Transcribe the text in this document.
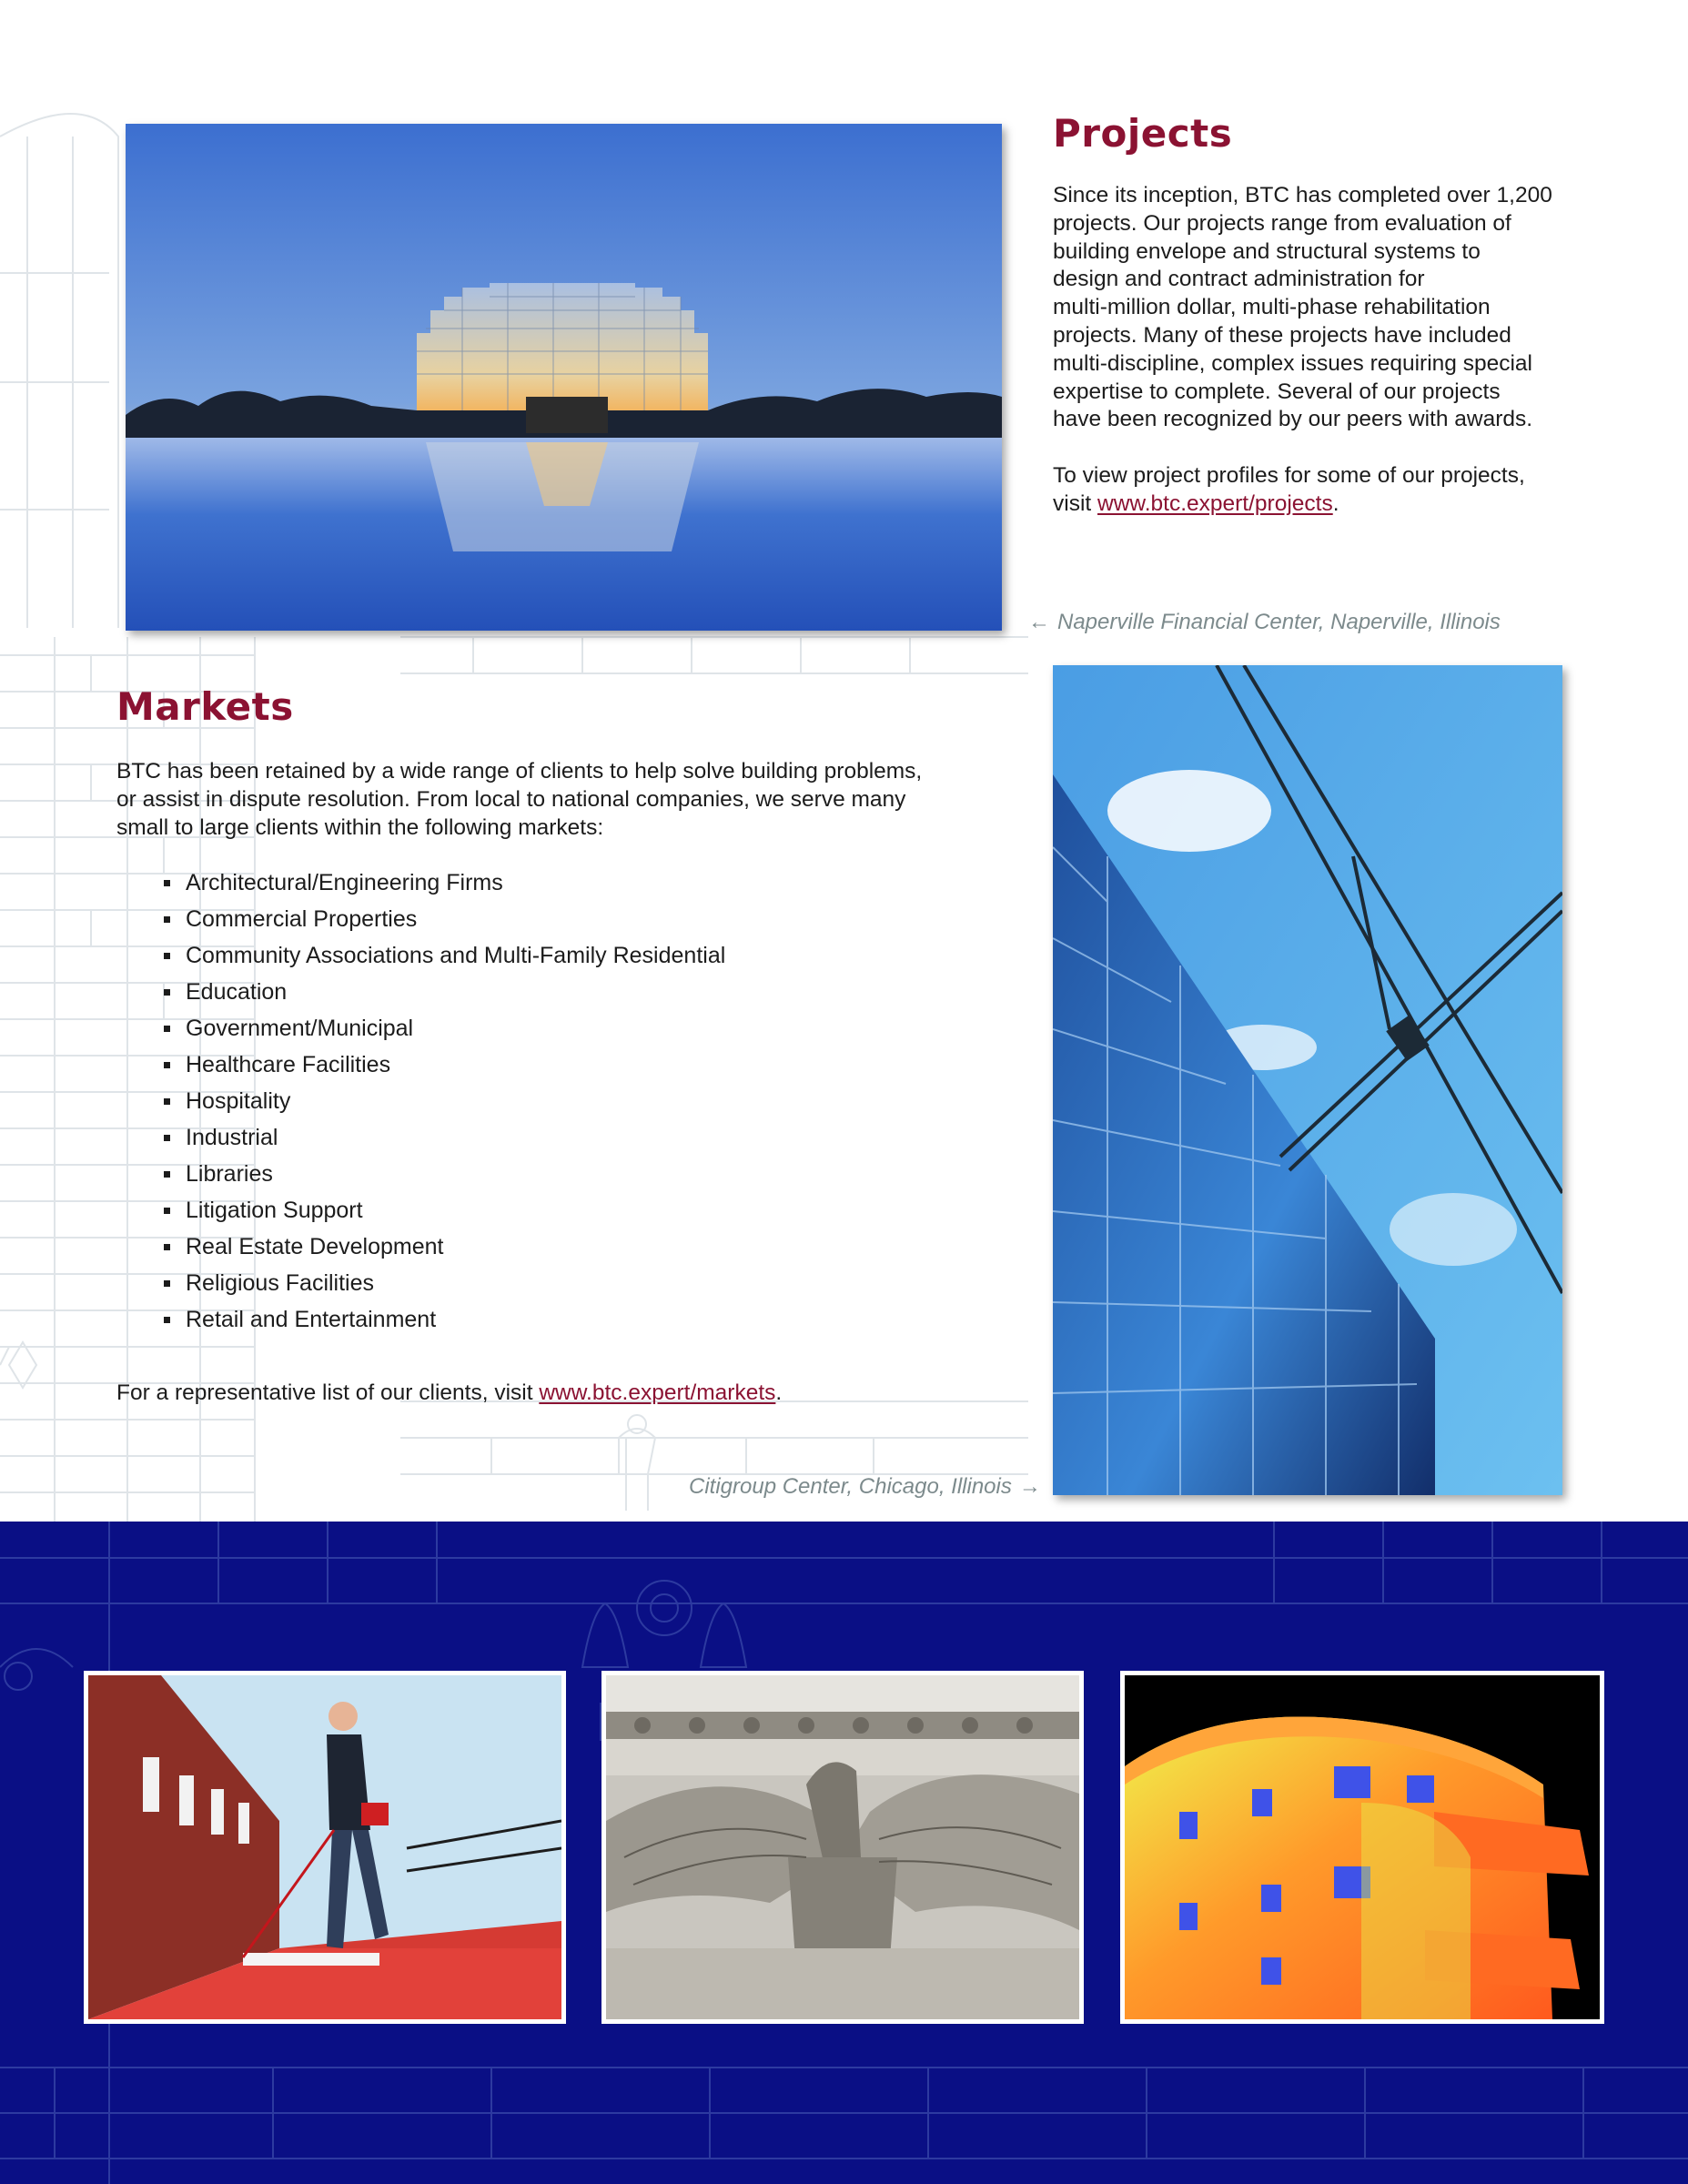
Projects
Since its inception, BTC has completed over 1,200
projects. Our projects range from evaluation of
building envelope and structural systems to
design and contract administration for
multi-million dollar, multi-phase rehabilitation
projects. Many of these projects have included
multi-discipline, complex issues requiring special
expertise to complete. Several of our projects
have been recognized by our peers with awards.
To view project profiles for some of our projects,
visit www.btc.expert/projects.
← Naperville Financial Center, Naperville, Illinois
Markets
BTC has been retained by a wide range of clients to help solve building problems,
or assist in dispute resolution. From local to national companies, we serve many
small to large clients within the following markets:
Architectural/Engineering Firms
Commercial Properties
Community Associations and Multi-Family Residential
Education
Government/Municipal
Healthcare Facilities
Hospitality
Industrial
Libraries
Litigation Support
Real Estate Development
Religious Facilities
Retail and Entertainment
For a representative list of our clients, visit www.btc.expert/markets.
Citigroup Center, Chicago, Illinois →
